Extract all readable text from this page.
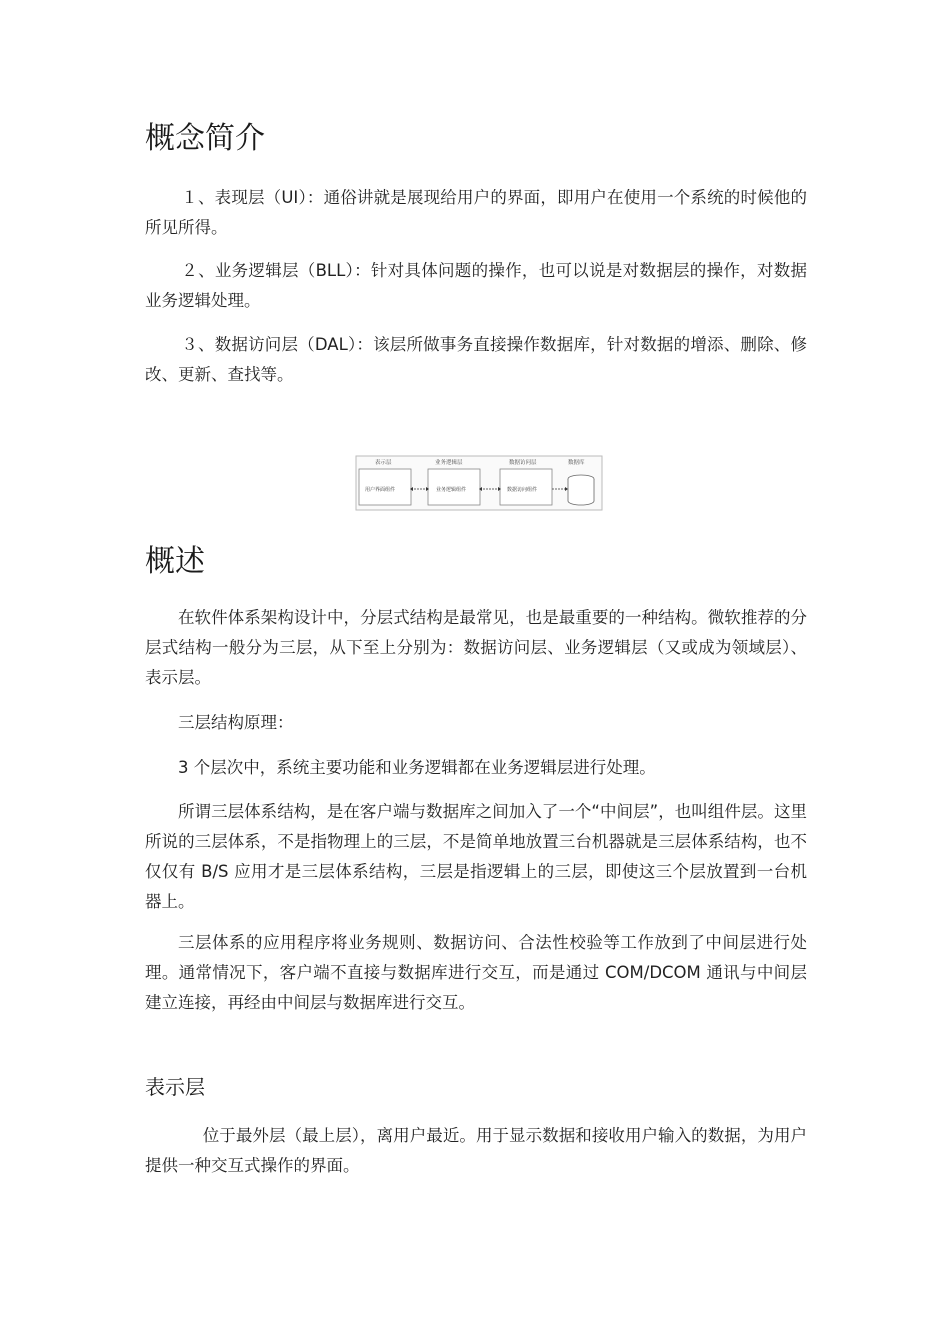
概念简介

１、表现层（UI）：通俗讲就是展现给用户的界面，即用户在使用一个系统的时候他的所见所得。

２、业务逻辑层（BLL）：针对具体问题的操作，也可以说是对数据层的操作，对数据业务逻辑处理。

３、数据访问层（DAL）：该层所做事务直接操作数据库，针对数据的增添、删除、修改、更新、查找等。

表示层	业务逻辑层	数据访问层	数据库
用户界面组件	业务逻辑组件	数据访问组件
概述

在软件体系架构设计中，分层式结构是最常见，也是最重要的一种结构。微软推荐的分层式结构一般分为三层，从下至上分别为：数据访问层、业务逻辑层（又或成为领域层）、表示层。

三层结构原理：

3 个层次中，系统主要功能和业务逻辑都在业务逻辑层进行处理。

所谓三层体系结构，是在客户端与数据库之间加入了一个“中间层”，也叫组件层。这里所说的三层体系，不是指物理上的三层，不是简单地放置三台机器就是三层体系结构，也不仅仅有 B/S 应用才是三层体系结构，三层是指逻辑上的三层，即使这三个层放置到一台机器上。

三层体系的应用程序将业务规则、数据访问、合法性校验等工作放到了中间层进行处理。通常情况下，客户端不直接与数据库进行交互，而是通过 COM/DCOM 通讯与中间层建立连接，再经由中间层与数据库进行交互。

表示层

位于最外层（最上层），离用户最近。用于显示数据和接收用户输入的数据，为用户提供一种交互式操作的界面。
